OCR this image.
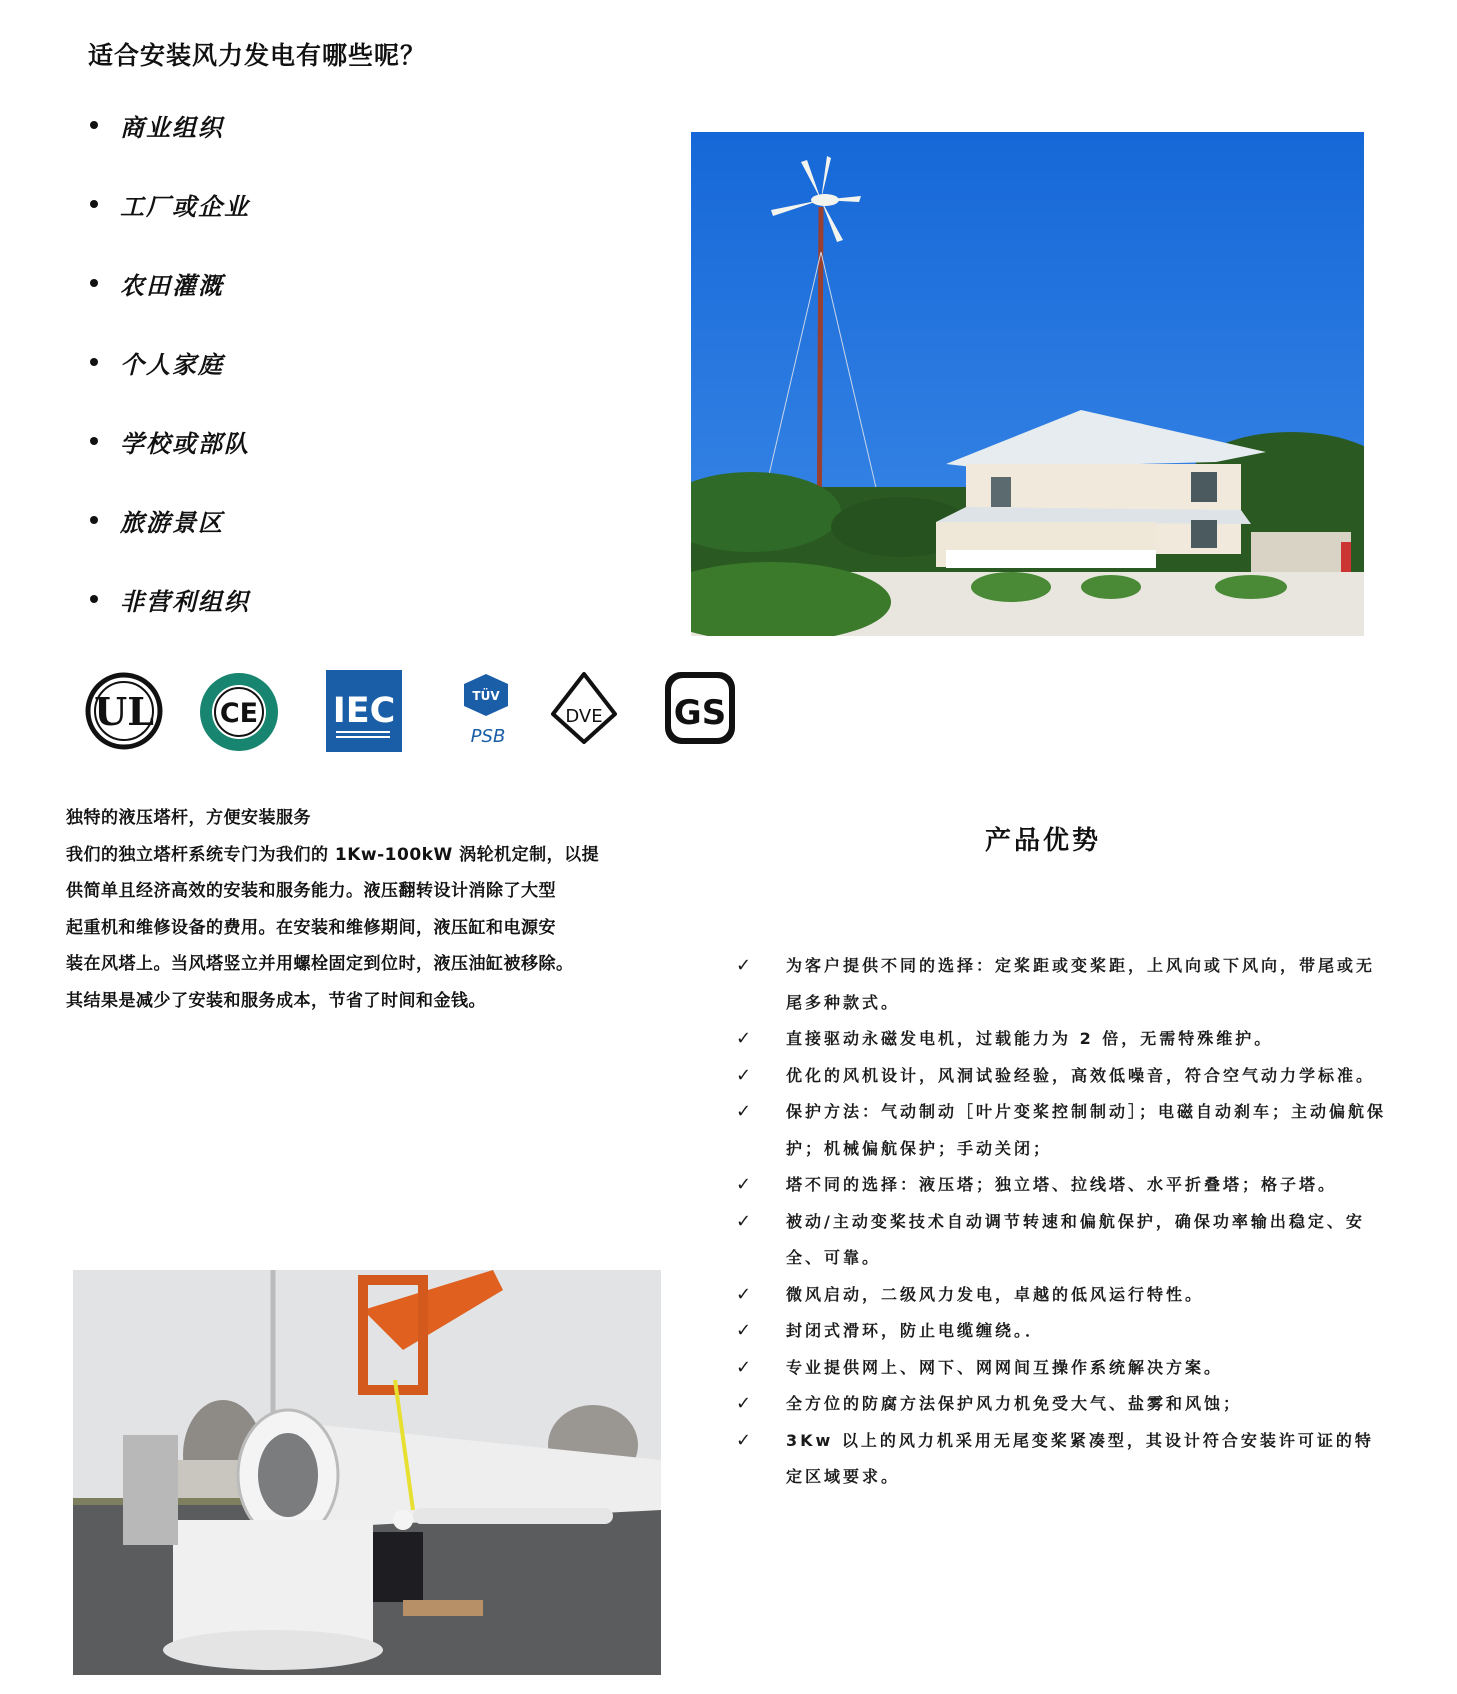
适合安装风力发电有哪些呢？
商业组织
工厂或企业
农田灌溉
个人家庭
学校或部队
旅游景区
非营利组织
UL CE IEC	TÜV
PSB
DVE GS

独特的液压塔杆，方便安装服务

我们的独立塔杆系统专门为我们的 1Kw-100kW 涡轮机定制，以提

供简单且经济高效的安装和服务能力。液压翻转设计消除了大型

起重机和维修设备的费用。在安装和维修期间，液压缸和电源安

装在风塔上。当风塔竖立并用螺栓固定到位时，液压油缸被移除。

其结果是减少了安装和服务成本，节省了时间和金钱。

产品优势
✓ 为客户提供不同的选择：定桨距或变桨距，上风向或下风向，带尾或无尾多种款式。
✓ 直接驱动永磁发电机，过载能力为 2 倍，无需特殊维护。
✓ 优化的风机设计，风洞试验经验，高效低噪音，符合空气动力学标准。
✓ 保护方法：气动制动［叶片变桨控制制动］；电磁自动刹车；主动偏航保护；机械偏航保护；手动关闭；
✓ 塔不同的选择：液压塔；独立塔、拉线塔、水平折叠塔；格子塔。
✓ 被动/主动变桨技术自动调节转速和偏航保护，确保功率输出稳定、安全、可靠。
✓ 微风启动，二级风力发电，卓越的低风运行特性。
✓ 封闭式滑环，防止电缆缠绕。．
✓ 专业提供网上、网下、网网间互操作系统解决方案。
✓ 全方位的防腐方法保护风力机免受大气、盐雾和风蚀；
✓ 3Kw 以上的风力机采用无尾变桨紧凑型，其设计符合安装许可证的特定区域要求。
